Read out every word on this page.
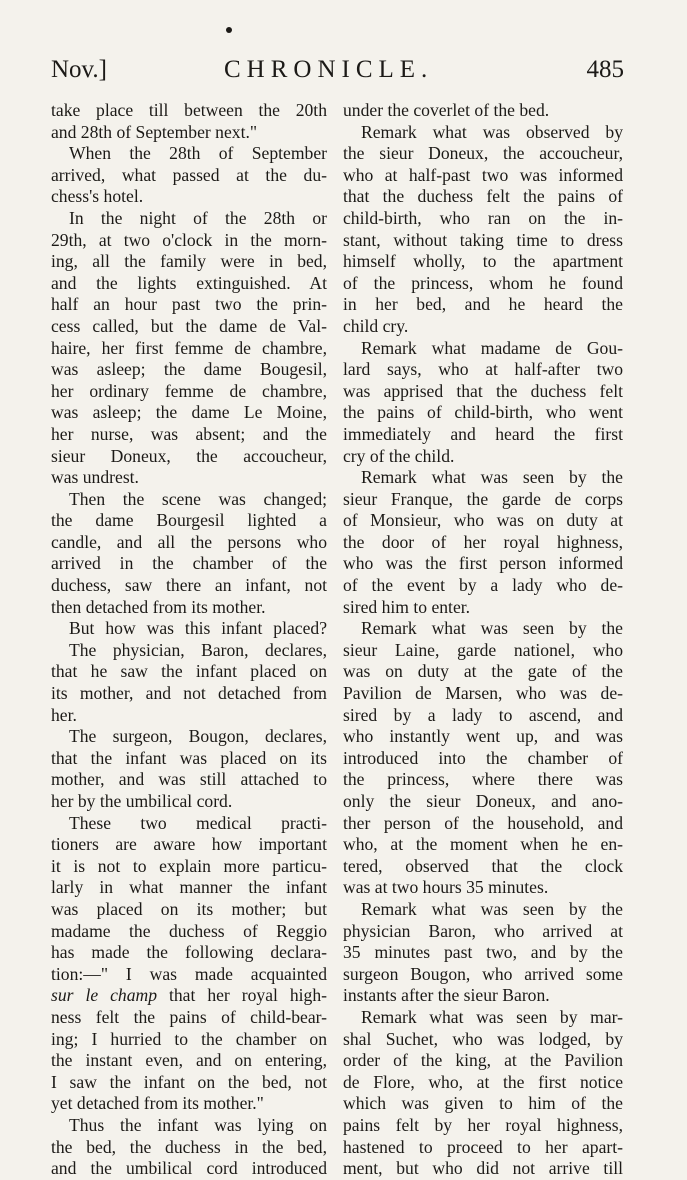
Nov.]	CHRONICLE.	485
take place till between the 20th
and 28th of September next."
When the 28th of September
arrived, what passed at the du-
chess's hotel.
In the night of the 28th or
29th, at two o'clock in the morn-
ing, all the family were in bed,
and the lights extinguished. At
half an hour past two the prin-
cess called, but the dame de Val-
haire, her first femme de chambre,
was asleep; the dame Bougesil,
her ordinary femme de chambre,
was asleep; the dame Le Moine,
her nurse, was absent; and the
sieur Doneux, the accoucheur,
was undrest.
Then the scene was changed;
the dame Bourgesil lighted a
candle, and all the persons who
arrived in the chamber of the
duchess, saw there an infant, not
then detached from its mother.
But how was this infant placed?
The physician, Baron, declares,
that he saw the infant placed on
its mother, and not detached from
her.
The surgeon, Bougon, declares,
that the infant was placed on its
mother, and was still attached to
her by the umbilical cord.
These two medical practi-
tioners are aware how important
it is not to explain more particu-
larly in what manner the infant
was placed on its mother; but
madame the duchess of Reggio
has made the following declara-
tion:—" I was made acquainted
sur le champ that her royal high-
ness felt the pains of child-bear-
ing; I hurried to the chamber on
the instant even, and on entering,
I saw the infant on the bed, not
yet detached from its mother."
Thus the infant was lying on
the bed, the duchess in the bed,
and the umbilical cord introduced
under the coverlet of the bed.
Remark what was observed by
the sieur Doneux, the accoucheur,
who at half-past two was informed
that the duchess felt the pains of
child-birth, who ran on the in-
stant, without taking time to dress
himself wholly, to the apartment
of the princess, whom he found
in her bed, and he heard the
child cry.
Remark what madame de Gou-
lard says, who at half-after two
was apprised that the duchess felt
the pains of child-birth, who went
immediately and heard the first
cry of the child.
Remark what was seen by the
sieur Franque, the garde de corps
of Monsieur, who was on duty at
the door of her royal highness,
who was the first person informed
of the event by a lady who de-
sired him to enter.
Remark what was seen by the
sieur Laine, garde nationel, who
was on duty at the gate of the
Pavilion de Marsen, who was de-
sired by a lady to ascend, and
who instantly went up, and was
introduced into the chamber of
the princess, where there was
only the sieur Doneux, and ano-
ther person of the household, and
who, at the moment when he en-
tered, observed that the clock
was at two hours 35 minutes.
Remark what was seen by the
physician Baron, who arrived at
35 minutes past two, and by the
surgeon Bougon, who arrived some
instants after the sieur Baron.
Remark what was seen by mar-
shal Suchet, who was lodged, by
order of the king, at the Pavilion
de Flore, who, at the first notice
which was given to him of the
pains felt by her royal highness,
hastened to proceed to her apart-
ment, but who did not arrive till
